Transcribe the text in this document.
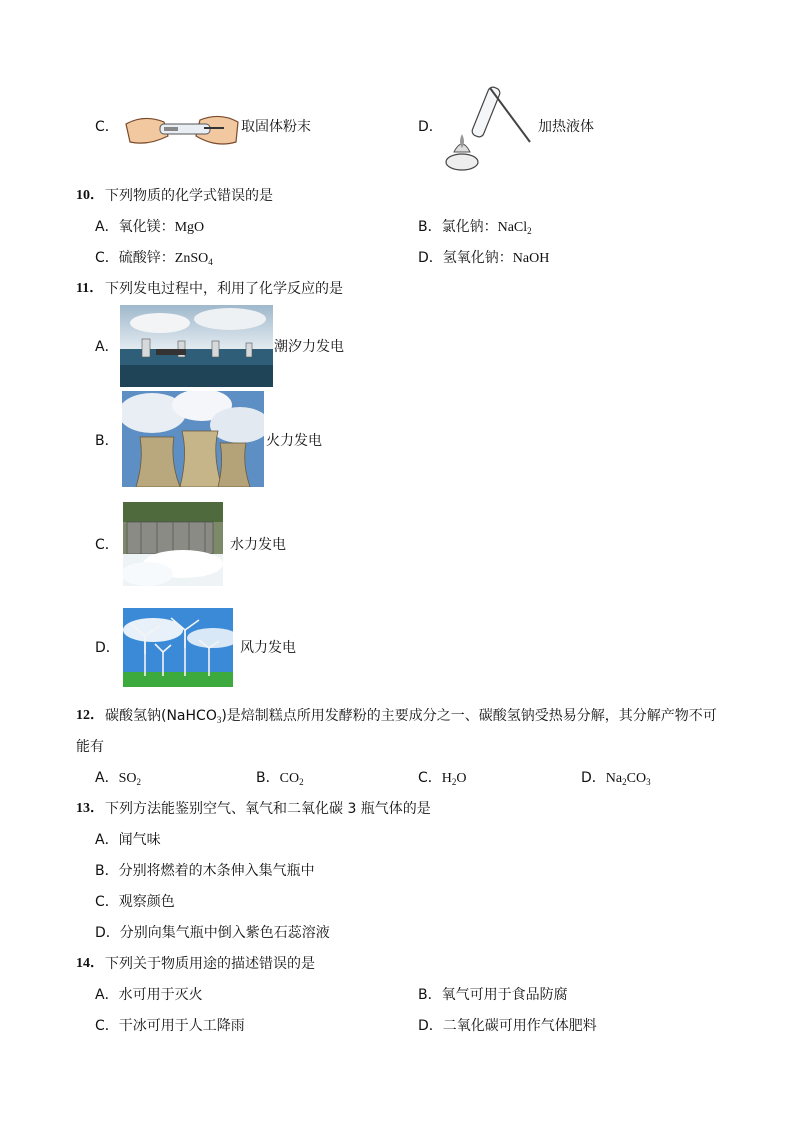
C．	取固体粉末	D．	加热液体
10． 下列物质的化学式错误的是
A．氧化镁：MgO	B．氯化钠：NaCl$_2$
C．硫酸锌：ZnSO$_4$	D．氢氧化钠：NaOH
11． 下列发电过程中，利用了化学反应的是
A．	潮汐力发电
B．	火力发电
C．	水力发电
D．	风力发电
12． 碳酸氢钠(NaHCO$_3$)是焙制糕点所用发酵粉的主要成分之一、碳酸氢钠受热易分解，其分解产物不可
能有
A．$SO_2$	B．$CO_2$	C．$H_2O$	D．$Na_2CO_3$
13． 下列方法能鉴别空气、氧气和二氧化碳 3 瓶气体的是
A．闻气味
B．分别将燃着的木条伸入集气瓶中
C．观察颜色
D．分别向集气瓶中倒入紫色石蕊溶液
14． 下列关于物质用途的描述错误的是
A．水可用于灭火	B．氧气可用于食品防腐
C．干冰可用于人工降雨	D．二氧化碳可用作气体肥料
